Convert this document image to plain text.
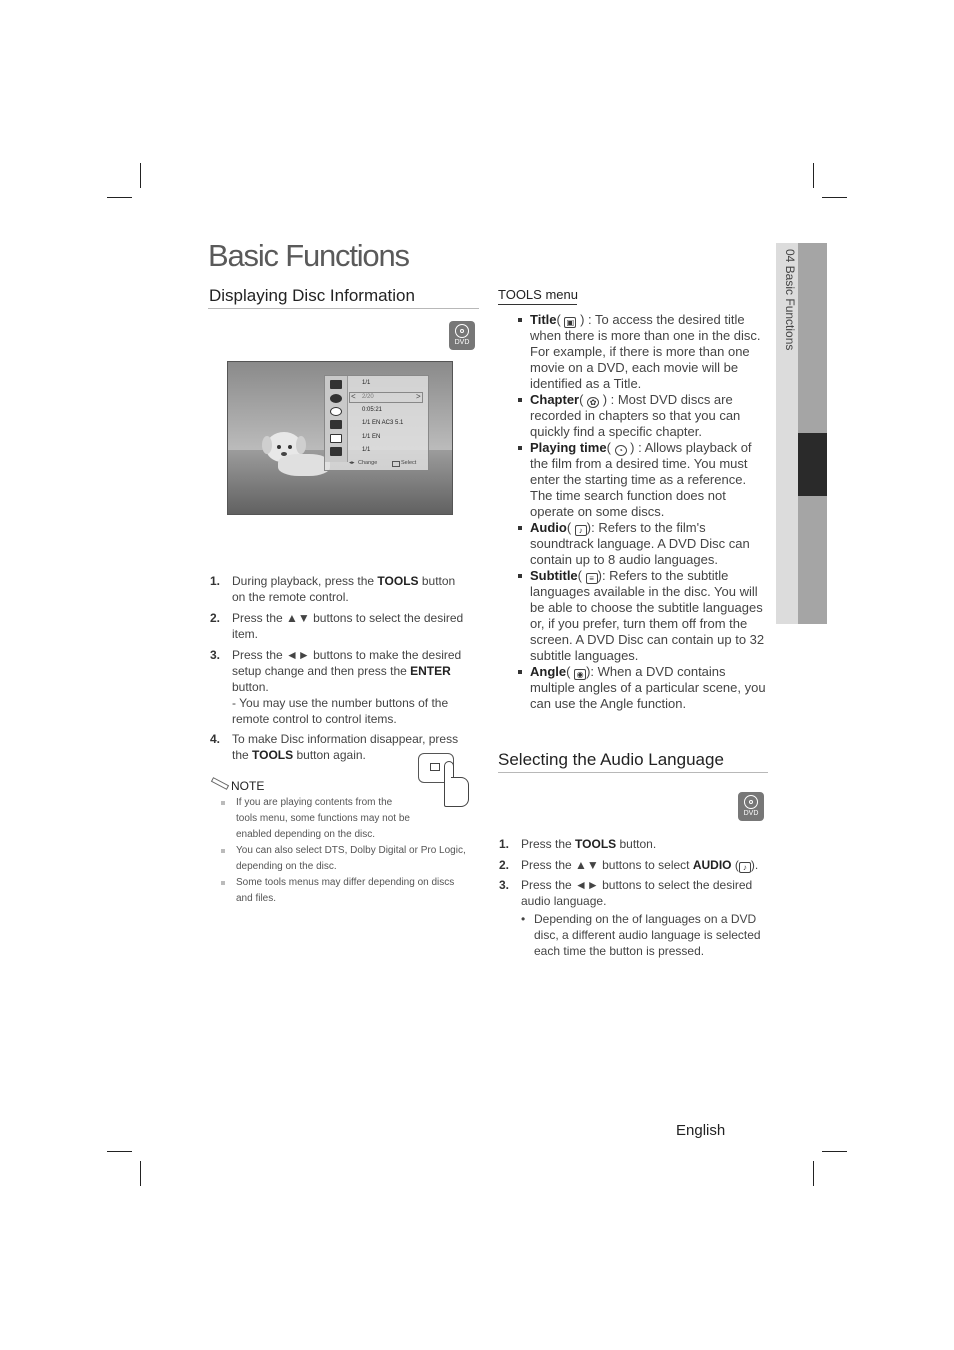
04 Basic Functions
Basic Functions
Displaying Disc Information
DVD
<	>
1/1
2/20
0:05:21
1/1 EN AC3 5.1
1/1 EN
1/1
◂▸ Change	Select
1. During playback, press the TOOLS button on the remote control.
2. Press the ▲▼ buttons to select the desired item.
3. Press the ◄► buttons to make the desired setup change and then press the ENTER button.
- You may use the number buttons of the remote control to control items.
4. To make Disc information disappear, press the TOOLS button again.
NOTE
If you are playing contents from the tools menu, some functions may not be enabled depending on the disc.
You can also select DTS, Dolby Digital or Pro Logic, depending on the disc.
Some tools menus may differ depending on discs and files.
TOOLS menu
Title( ▣ ) : To access the desired title when there is more than one in the disc. For example, if there is more than one movie on a DVD, each movie will be identified as a Title.
Chapter( ✿ ) : Most DVD discs are recorded in chapters so that you can quickly find a specific chapter.
Playing time( ◔ ) : Allows playback of the film from a desired time. You must enter the starting time as a reference. The time search function does not operate on some discs.
Audio( ♪ ): Refers to the film's soundtrack language. A DVD Disc can contain up to 8 audio languages.
Subtitle( ≡ ): Refers to the subtitle languages available in the disc. You will be able to choose the subtitle languages or, if you prefer, turn them off from the screen. A DVD Disc can contain up to 32 subtitle languages.
Angle( ◉ ): When a DVD contains multiple angles of a particular scene, you can use the Angle function.
Selecting the Audio Language
DVD
1. Press the TOOLS button.
2. Press the ▲▼ buttons to select AUDIO ( ♪ ).
3. Press the ◄► buttons to select the desired audio language.
• Depending on the of languages on a DVD disc, a different audio language is selected each time the button is pressed.
English
